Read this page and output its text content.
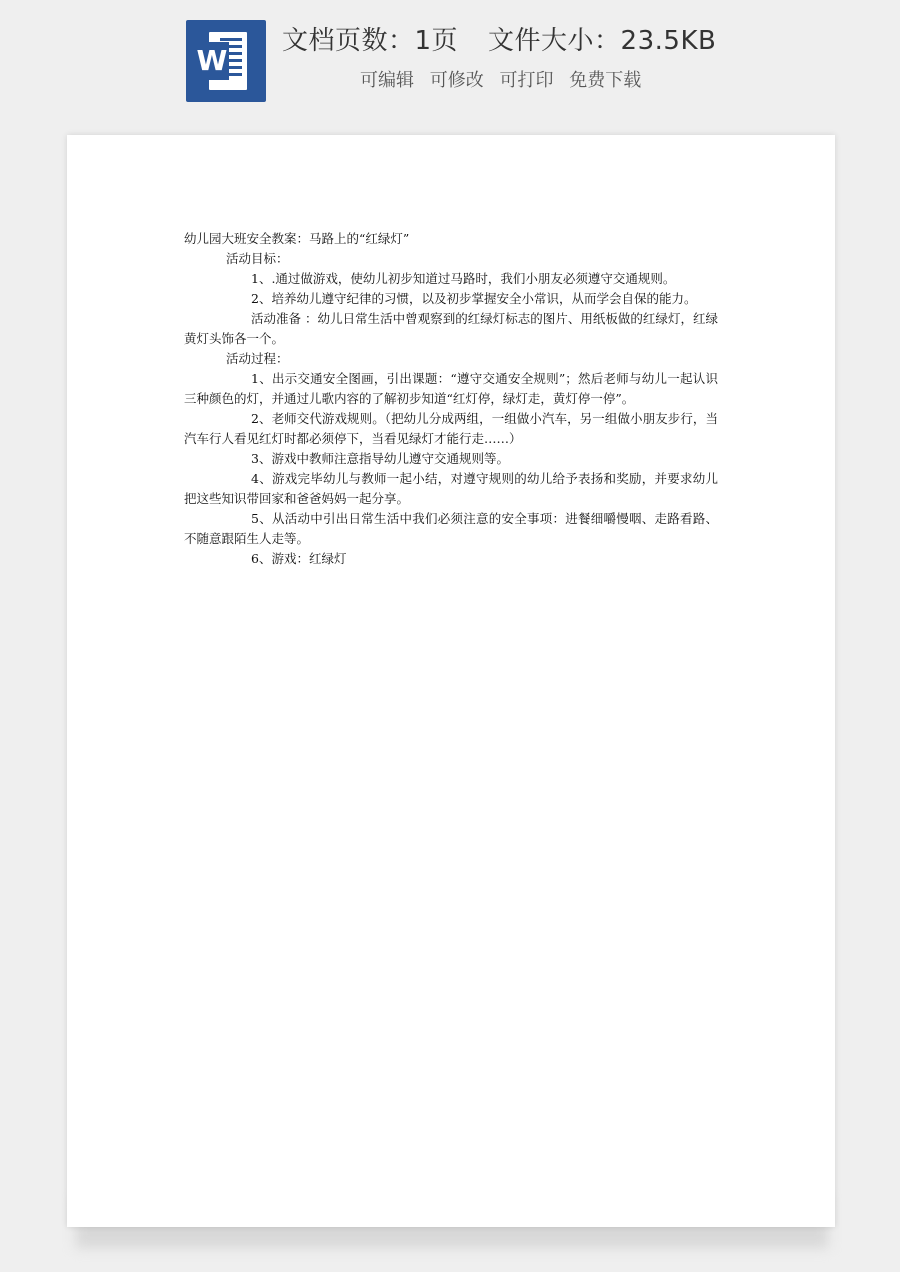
W
文档页数：1页 文件大小：23.5KB
可编辑 可修改 可打印 免费下载

幼儿园大班安全教案：马路上的“红绿灯”

活动目标：

1、.通过做游戏，使幼儿初步知道过马路时，我们小朋友必须遵守交通规则。

2、培养幼儿遵守纪律的习惯，以及初步掌握安全小常识，从而学会自保的能力。

活动准备 ：幼儿日常生活中曾观察到的红绿灯标志的图片、用纸板做的红绿灯，红绿黄灯头饰各一个。

活动过程：

1、出示交通安全图画，引出课题：“遵守交通安全规则”；然后老师与幼儿一起认识三种颜色的灯，并通过儿歌内容的了解初步知道“红灯停，绿灯走，黄灯停一停”。

2、老师交代游戏规则。（把幼儿分成两组，一组做小汽车，另一组做小朋友步行，当汽车行人看见红灯时都必须停下，当看见绿灯才能行走……）

3、游戏中教师注意指导幼儿遵守交通规则等。

4、游戏完毕幼儿与教师一起小结，对遵守规则的幼儿给予表扬和奖励，并要求幼儿把这些知识带回家和爸爸妈妈一起分享。

5、从活动中引出日常生活中我们必须注意的安全事项：进餐细嚼慢咽、走路看路、不随意跟陌生人走等。

6、游戏：红绿灯
